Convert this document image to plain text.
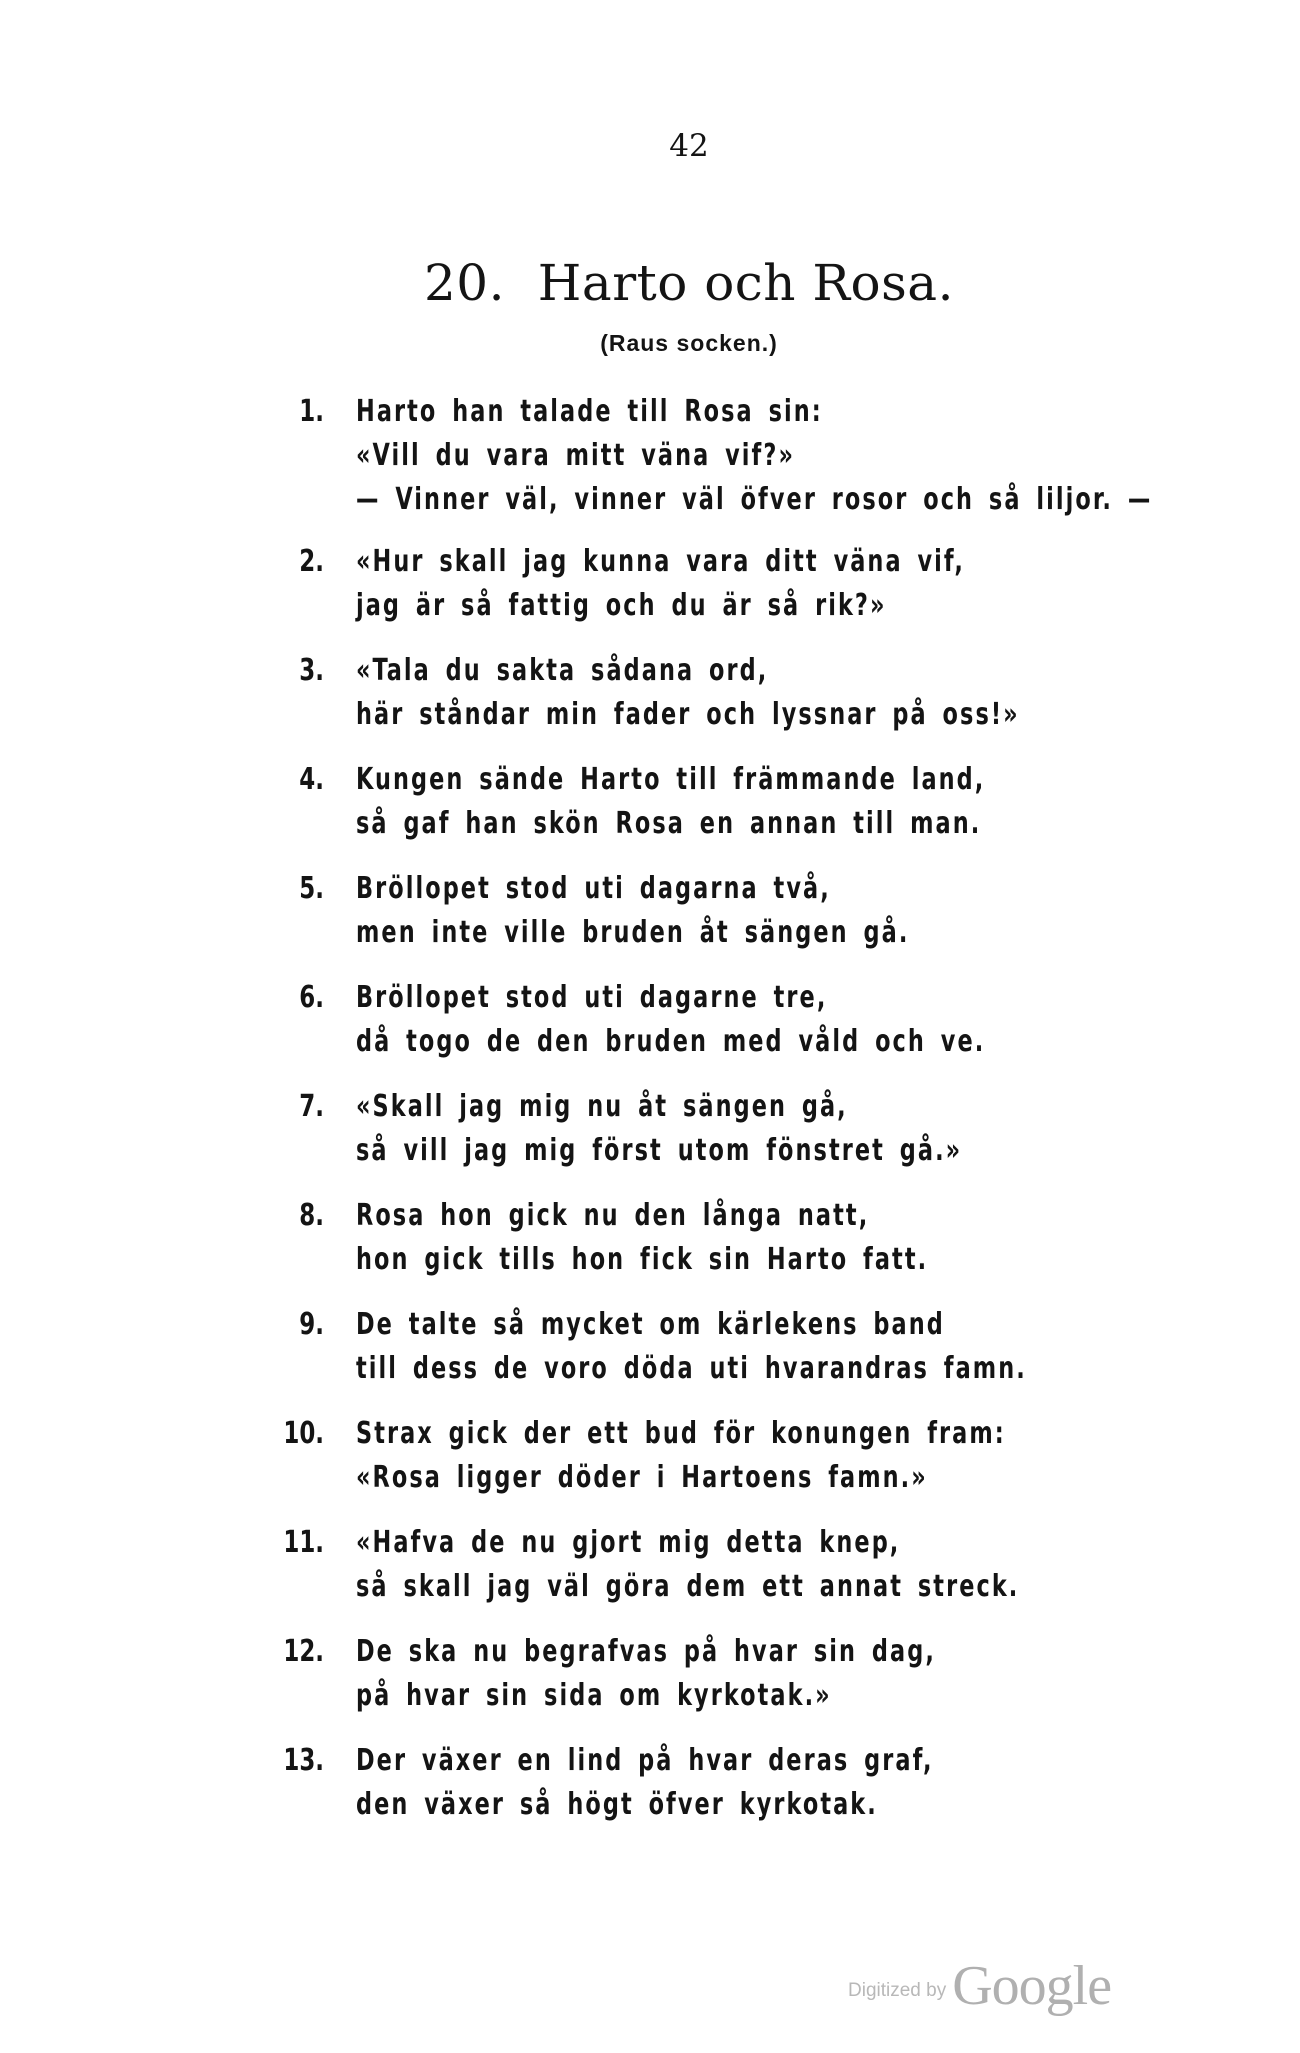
42
20.  Harto och Rosa.
(Raus socken.)
1. Harto han talade till Rosa sin:
«Vill du vara mitt väna vif?»
— Vinner väl, vinner väl öfver rosor och så liljor. —
2. «Hur skall jag kunna vara ditt väna vif,
jag är så fattig och du är så rik?»
3. «Tala du sakta sådana ord,
här ståndar min fader och lyssnar på oss!»
4. Kungen sände Harto till främmande land,
så gaf han skön Rosa en annan till man.
5. Bröllopet stod uti dagarna två,
men inte ville bruden åt sängen gå.
6. Bröllopet stod uti dagarne tre,
då togo de den bruden med våld och ve.
7. «Skall jag mig nu åt sängen gå,
så vill jag mig först utom fönstret gå.»
8. Rosa hon gick nu den långa natt,
hon gick tills hon fick sin Harto fatt.
9. De talte så mycket om kärlekens band
till dess de voro döda uti hvarandras famn.
10. Strax gick der ett bud för konungen fram:
«Rosa ligger döder i Hartoens famn.»
11. «Hafva de nu gjort mig detta knep,
så skall jag väl göra dem ett annat streck.
12. De ska nu begrafvas på hvar sin dag,
på hvar sin sida om kyrkotak.»
13. Der växer en lind på hvar deras graf,
den växer så högt öfver kyrkotak.
Digitized by Google
